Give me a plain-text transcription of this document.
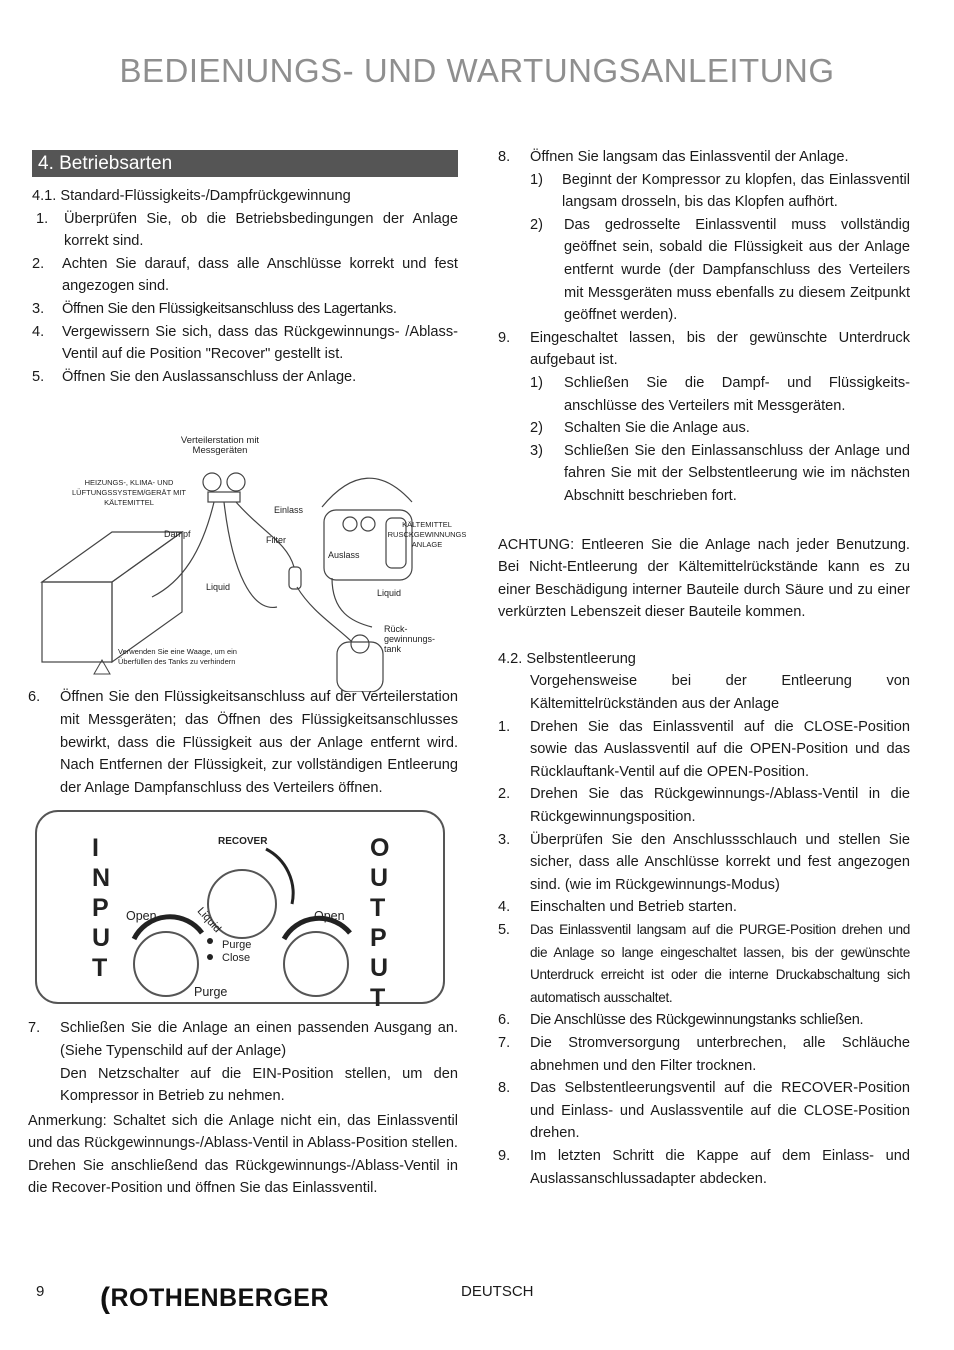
BEDIENUNGS- UND WARTUNGSANLEITUNG
4. Betriebsarten
4.1. Standard-Flüssigkeits-/Dampfrückgewinnung
1.	Überprüfen Sie, ob die Betriebsbedingungen der Anlage korrekt sind.
2.	Achten Sie darauf, dass alle Anschlüsse korrekt und fest angezogen sind.
3.	Öffnen Sie den Flüssigkeitsanschluss des Lagertanks.
4.	Vergewissern Sie sich, dass das Rückgewinnungs- /Ablass-Ventil auf die Position "Recover" gestellt ist.
5.	Öffnen Sie den Auslassanschluss der Anlage.
Verteilerstation mit Messgeräten
HEIZUNGS-, KLIMA- UND LÜFTUNGSSYSTEM/GERÄT MIT KÄLTEMITTEL
Einlass
Dampf
Filter
Auslass
KÄLTEMITTEL RUSCKGEWINNUNGS ANLAGE
Liquid
Liquid
Rück- gewinnungs- tank
Verwenden Sie eine Waage, um ein Überfüllen des Tanks zu verhindern
6.	Öffnen Sie den Flüssigkeitsanschluss auf der Verteilerstation mit Messgeräten; das Öffnen des Flüssigkeitsanschlusses bewirkt, dass die Flüssigkeit aus der Anlage entfernt wird. Nach Entfernen der Flüssigkeit, zur vollständigen Entleerung der Anlage Dampfanschluss des Verteilers öffnen.
INPUT
OUTPUT
RECOVER
Open	Open
Liquid
Purge Close
Purge
7.	Schließen Sie die Anlage an einen passenden Ausgang an. (Siehe Typenschild auf der Anlage)
Den Netzschalter auf die EIN-Position stellen, um den Kompressor in Betrieb zu nehmen.
Anmerkung: Schaltet sich die Anlage nicht ein, das Einlassventil und das Rückgewinnungs-/Ablass-Ventil in Ablass-Position stellen. Drehen Sie anschließend das Rückgewinnungs-/Ablass-Ventil in die Recover-Position und öffnen Sie das Einlassventil.
8.	Öffnen Sie langsam das Einlassventil der Anlage.
1)	Beginnt der Kompressor zu klopfen, das Einlassventil langsam drosseln, bis das Klopfen aufhört.
2)	Das gedrosselte Einlassventil muss vollständig geöffnet sein, sobald die Flüssigkeit aus der Anlage entfernt wurde (der Dampfanschluss des Verteilers mit Messgeräten muss ebenfalls zu diesem Zeitpunkt geöffnet werden).
9.	Eingeschaltet lassen, bis der gewünschte Unterdruck aufgebaut ist.
1)	Schließen Sie die Dampf- und Flüssigkeits- anschlüsse des Verteilers mit Messgeräten.
2)	Schalten Sie die Anlage aus.
3)	Schließen Sie den Einlassanschluss der Anlage und fahren Sie mit der Selbstentleerung wie im nächsten Abschnitt beschrieben fort.
ACHTUNG: Entleeren Sie die Anlage nach jeder Benutzung. Bei Nicht-Entleerung der Kältemittelrückstände kann es zu einer Beschädigung interner Bauteile durch Säure und zu einer verkürzten Lebenszeit dieser Bauteile kommen.
4.2. Selbstentleerung
Vorgehensweise bei der Entleerung von Kältemittelrückständen aus der Anlage
1.	Drehen Sie das Einlassventil auf die CLOSE-Position sowie das Auslassventil auf die OPEN-Position und das Rücklauftank-Ventil auf die OPEN-Position.
2.	Drehen Sie das Rückgewinnungs-/Ablass-Ventil in die Rückgewinnungsposition.
3.	Überprüfen Sie den Anschlussschlauch und stellen Sie sicher, dass alle Anschlüsse korrekt und fest angezogen sind. (wie im Rückgewinnungs-Modus)
4.	Einschalten und Betrieb starten.
5.	Das Einlassventil langsam auf die PURGE-Position drehen und die Anlage so lange eingeschaltet lassen, bis der gewünschte Unterdruck erreicht ist oder die interne Druckabschaltung sich automatisch ausschaltet.
6.	Die Anschlüsse des Rückgewinnungstanks schließen.
7.	Die Stromversorgung unterbrechen, alle Schläuche abnehmen und den Filter trocknen.
8.	Das Selbstentleerungsventil auf die RECOVER-Position und Einlass- und Auslassventile auf die CLOSE-Position drehen.
9.	Im letzten Schritt die Kappe auf dem Einlass- und Auslassanschlussadapter abdecken.
9 (ROTHENBERGER	DEUTSCH
